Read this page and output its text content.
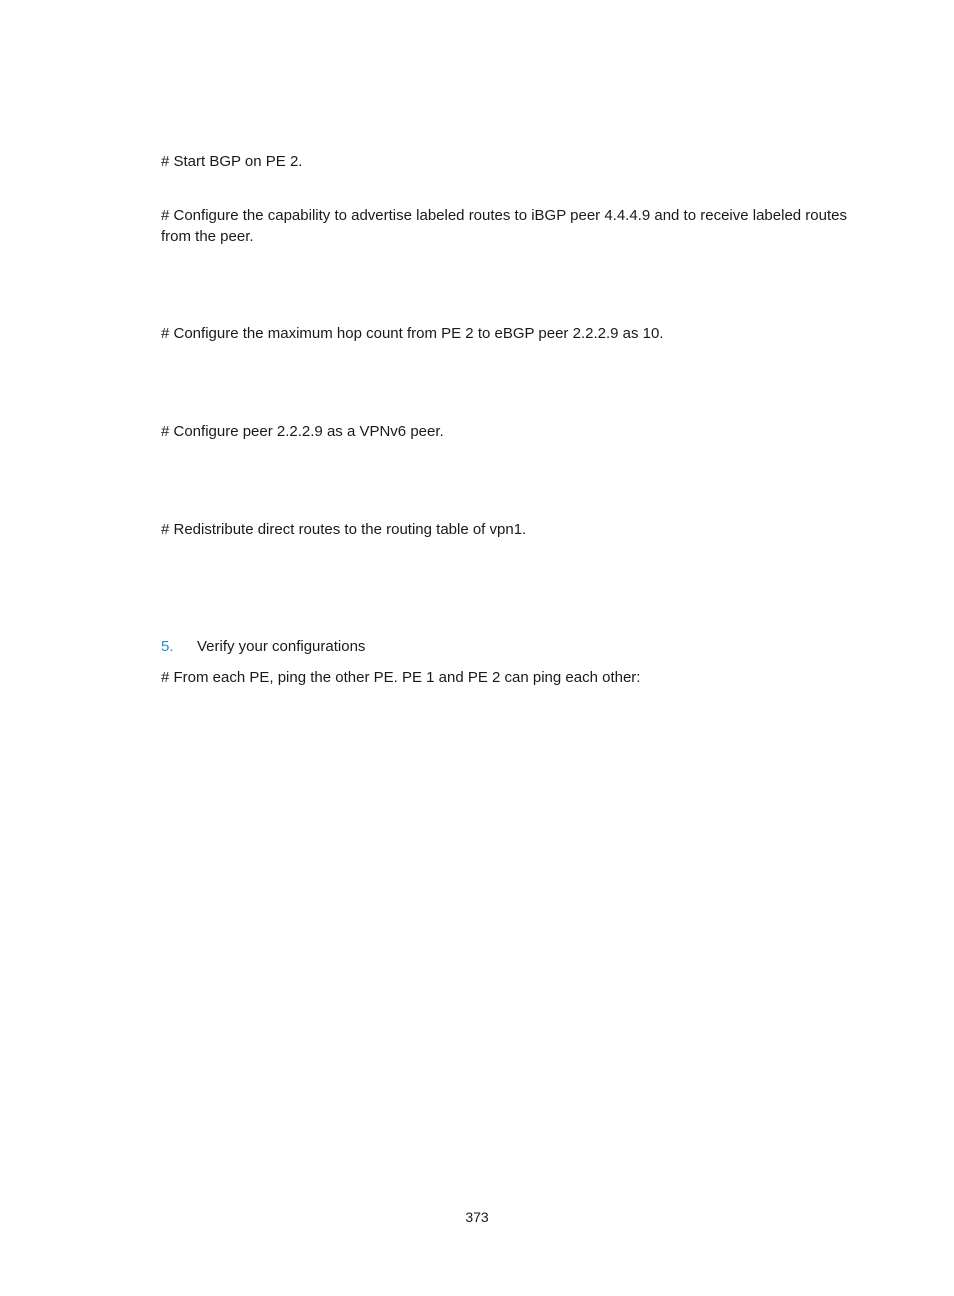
# Start BGP on PE 2.

# Configure the capability to advertise labeled routes to iBGP peer 4.4.4.9 and to receive labeled routes from the peer.

# Configure the maximum hop count from PE 2 to eBGP peer 2.2.2.9 as 10.

# Configure peer 2.2.2.9 as a VPNv6 peer.

# Redistribute direct routes to the routing table of vpn1.

5.	Verify your configurations

# From each PE, ping the other PE. PE 1 and PE 2 can ping each other:

373
